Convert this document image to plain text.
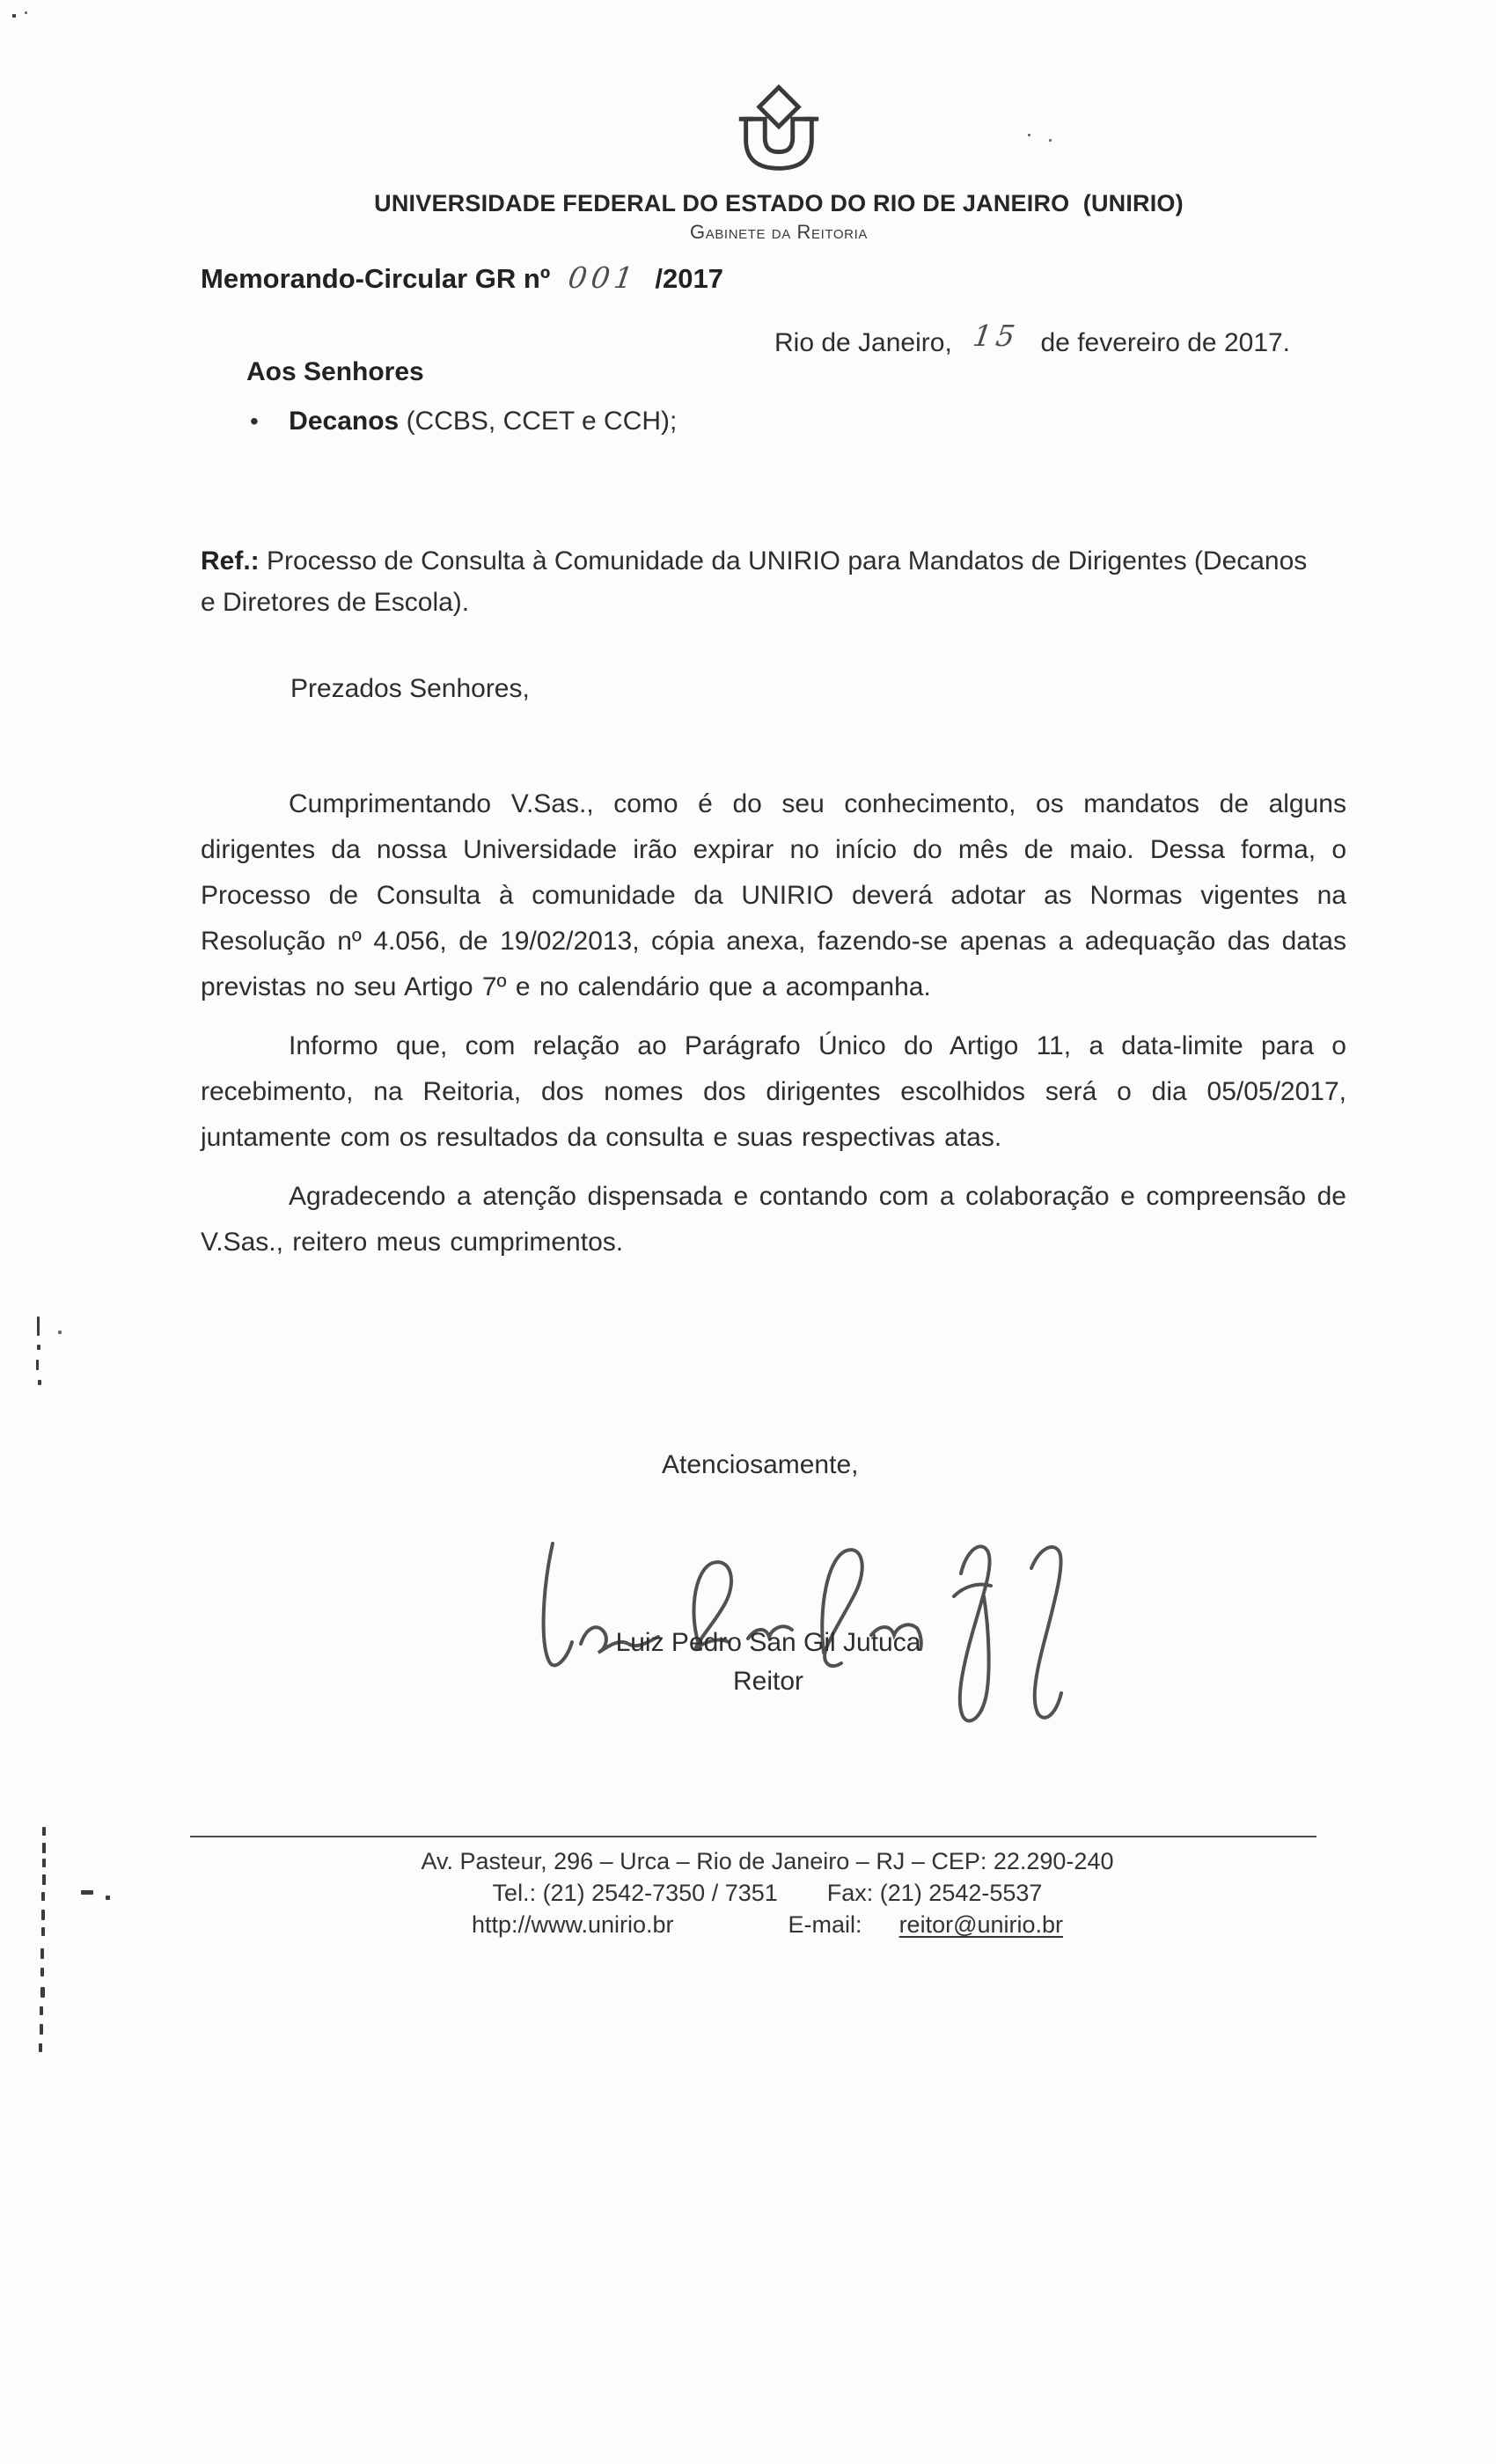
UNIVERSIDADE FEDERAL DO ESTADO DO RIO DE JANEIRO  (UNIRIO)
Gabinete da Reitoria
Memorando-Circular GR nº 001 /2017
Rio de Janeiro, 15 de fevereiro de 2017.
Aos Senhores
• Decanos (CCBS, CCET e CCH);
Ref.: Processo de Consulta à Comunidade da UNIRIO para Mandatos de Dirigentes (Decanos e Diretores de Escola).
Prezados Senhores,

Cumprimentando V.Sas., como é do seu conhecimento, os mandatos de alguns dirigentes da nossa Universidade irão expirar no início do mês de maio. Dessa forma, o Processo de Consulta à comunidade da UNIRIO deverá adotar as Normas vigentes na Resolução nº 4.056, de 19/02/2013, cópia anexa, fazendo-se apenas a adequação das datas previstas no seu Artigo 7º e no calendário que a acompanha.

Informo que, com relação ao Parágrafo Único do Artigo 11, a data-limite para o recebimento, na Reitoria, dos nomes dos dirigentes escolhidos será o dia 05/05/2017, juntamente com os resultados da consulta e suas respectivas atas.

Agradecendo a atenção dispensada e contando com a colaboração e compreensão de V.Sas., reitero meus cumprimentos.

Atenciosamente,
Luiz Pedro San Gil Jutuca
Reitor
Av. Pasteur, 296 – Urca – Rio de Janeiro – RJ – CEP: 22.290-240
Tel.: (21) 2542-7350 / 7351 Fax: (21) 2542-5537
http://www.unirio.br	E-mail: reitor@unirio.br
